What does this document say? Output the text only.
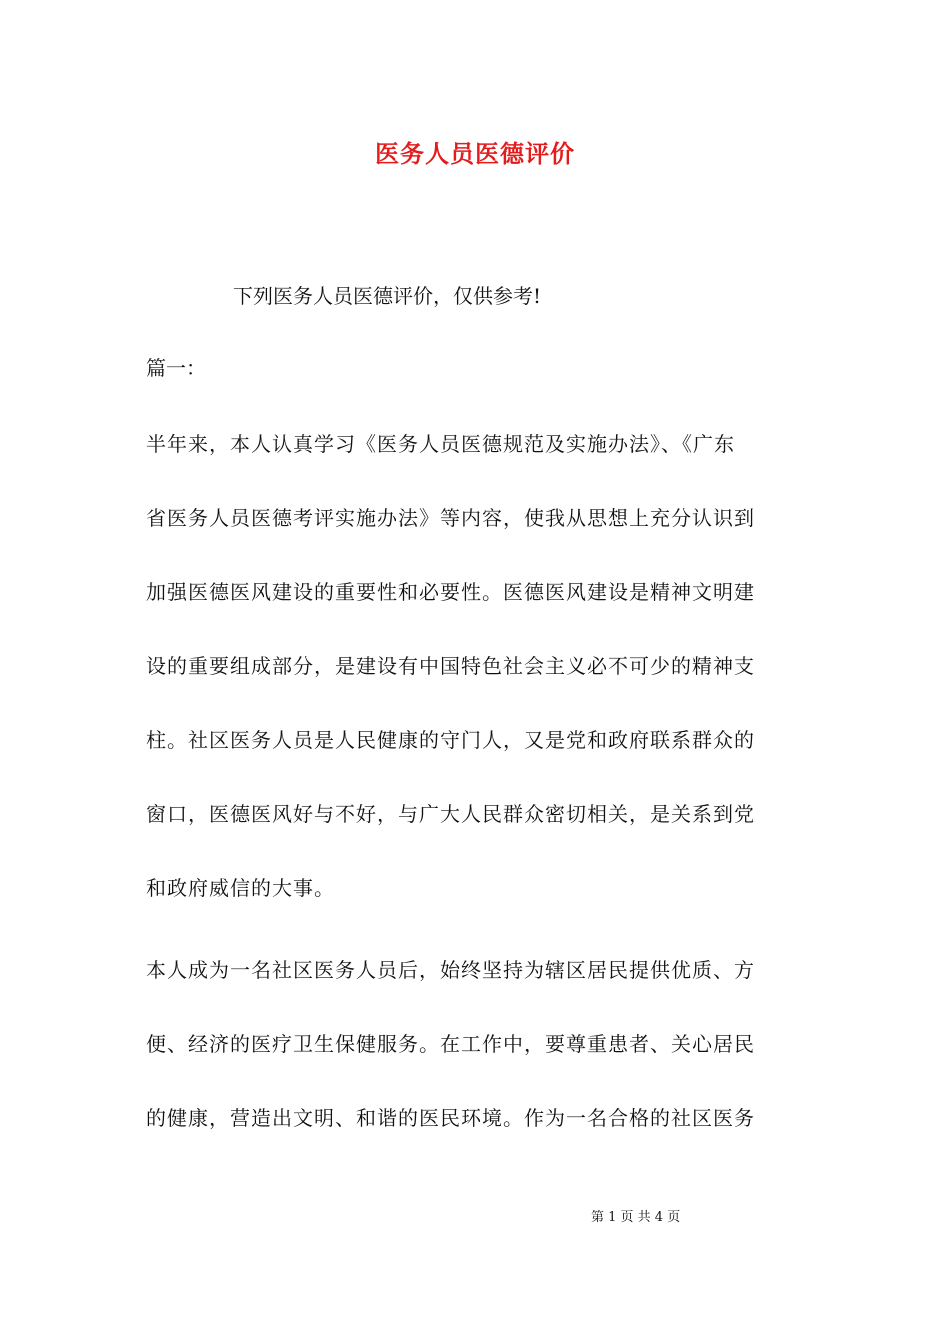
医务人员医德评价
下列医务人员医德评价，仅供参考!
篇一：
半年来，本人认真学习《医务人员医德规范及实施办法》、《广东
省医务人员医德考评实施办法》等内容，使我从思想上充分认识到
加强医德医风建设的重要性和必要性。医德医风建设是精神文明建
设的重要组成部分，是建设有中国特色社会主义必不可少的精神支
柱。社区医务人员是人民健康的守门人，又是党和政府联系群众的
窗口，医德医风好与不好，与广大人民群众密切相关，是关系到党
和政府威信的大事。
本人成为一名社区医务人员后，始终坚持为辖区居民提供优质、方
便、经济的医疗卫生保健服务。在工作中，要尊重患者、关心居民
的健康，营造出文明、和谐的医民环境。作为一名合格的社区医务
第 1 页 共 4 页
